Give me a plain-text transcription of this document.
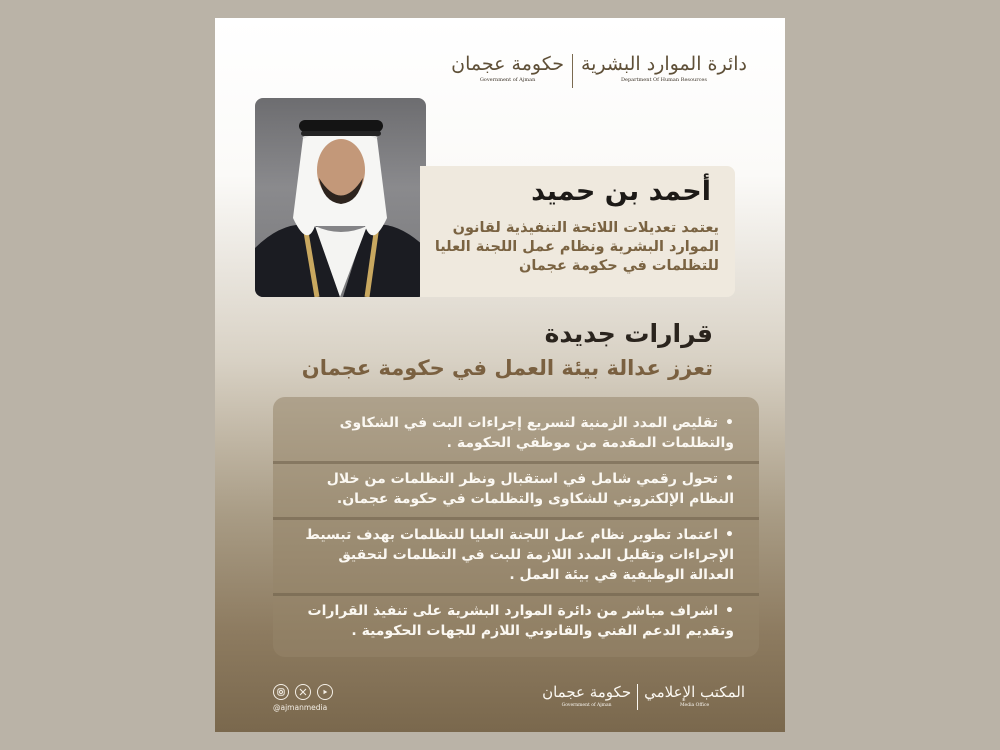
حكومة عجمان
Government of Ajman
دائرة الموارد البشرية
Department Of Human Resources
أحمد بن حميد
يعتمد تعديلات اللائحة التنفيذية لقانون الموارد البشرية ونظام عمل اللجنة العليا للتظلمات في حكومة عجمان
قرارات جديدة
تعزز عدالة بيئة العمل في حكومة عجمان
• تقليص المدد الزمنية لتسريع إجراءات البت في الشكاوى والتظلمات المقدمة من موظفي الحكومة .
• تحول رقمي شامل في استقبال ونظر التظلمات من خلال النظام الإلكتروني للشكاوى والتظلمات في حكومة عجمان.
• اعتماد تطوير نظام عمل اللجنة العليا للتظلمات بهدف تبسيط الإجراءات وتقليل المدد اللازمة للبت في التظلمات لتحقيق العدالة الوظيفية في بيئة العمل .
• اشراف مباشر من دائرة الموارد البشرية على تنفيذ القرارات وتقديم الدعم الفني والقانوني اللازم للجهات الحكومية .
@ajmanmedia
حكومة عجمان
Government of Ajman
المكتب الإعلامي
Media Office
